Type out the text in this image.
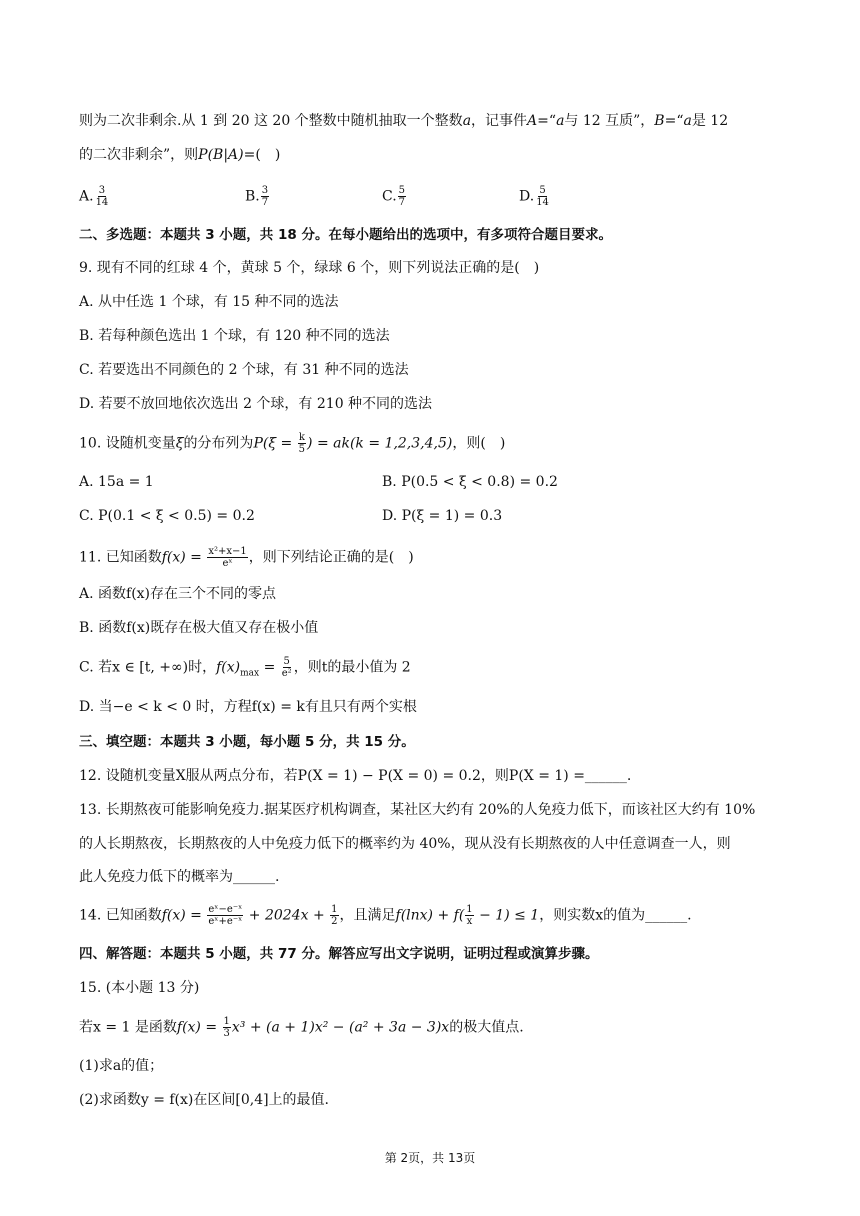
则为二次非剩余.从 1 到 20 这 20 个整数中随机抽取一个整数a，记事件A=“a与 12 互质”，B=“a是 12
的二次非剩余”，则P(B|A)=(　)
A. $\frac{3}{14}$	B. $\frac{3}{7}$	C. $\frac{5}{7}$	D. $\frac{5}{14}$
二、多选题：本题共 3 小题，共 18 分。在每小题给出的选项中，有多项符合题目要求。
9. 现有不同的红球 4 个，黄球 5 个，绿球 6 个，则下列说法正确的是(　)
A. 从中任选 1 个球，有 15 种不同的选法
B. 若每种颜色选出 1 个球，有 120 种不同的选法
C. 若要选出不同颜色的 2 个球，有 31 种不同的选法
D. 若要不放回地依次选出 2 个球，有 210 种不同的选法
10. 设随机变量ξ的分布列为$P(\xi = \frac{k}{5}$ ) = ak(k = 1,2,3,4,5)，则(　)
A. 15a = 1	B. P(0.5 < ξ < 0.8) = 0.2
C. P(0.1 < ξ < 0.5) = 0.2	D. P(ξ = 1) = 0.3
11. 已知函数$f(x) = \frac{\text{x²+x−1}}{\text{eˣ}}$ ，则下列结论正确的是(　)
A. 函数f(x)存在三个不同的零点
B. 函数f(x)既存在极大值又存在极小值
C. 若x ∈ [t, +∞)时，$f(x)_{max} = \frac{5}{\text{e²}}$ ，则t的最小值为 2
D. 当−e < k < 0 时，方程f(x) = k有且只有两个实根
三、填空题：本题共 3 小题，每小题 5 分，共 15 分。
12. 设随机变量X服从两点分布，若P(X = 1) − P(X = 0) = 0.2，则P(X = 1) =______.
13. 长期熬夜可能影响免疫力.据某医疗机构调查，某社区大约有 20%的人免疫力低下，而该社区大约有 10%
的人长期熬夜，长期熬夜的人中免疫力低下的概率约为 40%，现从没有长期熬夜的人中任意调查一人，则
此人免疫力低下的概率为______.
14. 已知函数$f(x) = \frac{\text{eˣ−e⁻ˣ}}{\text{eˣ+e⁻ˣ}} + 2024x + \frac{1}{2}$ ，且满足$f(\ln x) + f( \frac{1}{x} - 1) \le 1$，则实数x的值为______.
四、解答题：本题共 5 小题，共 77 分。解答应写出文字说明，证明过程或演算步骤。
15. (本小题 13 分)
若x = 1 是函数$f(x) = \frac{1}{3} x^3 + (a + 1)x^2 - (a^2 + 3a - 3)x$的极大值点.
(1)求a的值；
(2)求函数y = f(x)在区间[0,4]上的最值.
第 2页，共 13页
